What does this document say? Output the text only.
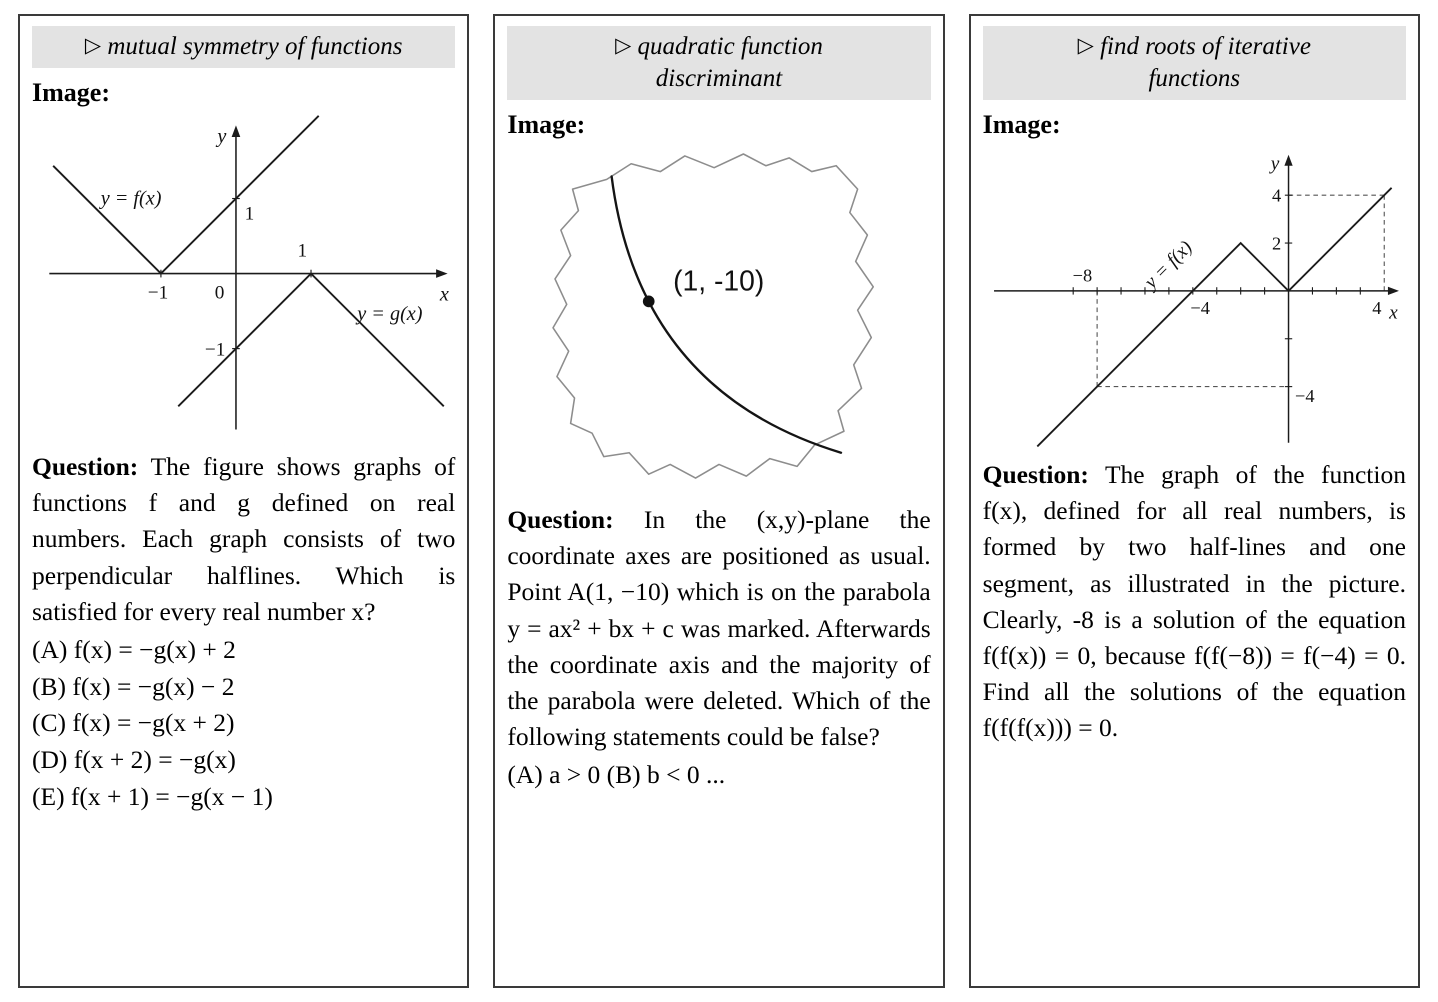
▷ mutual symmetry of functions
Image:
y
x
1
−1 0
1
−1
y = f(x)
y = g(x)

Question: The figure shows graphs of functions f and g defined on real numbers. Each graph consists of two perpendicular halflines. Which is satisfied for every real number x?

(A) f(x) = −g(x) + 2
(B) f(x) = −g(x) − 2
(C) f(x) = −g(x + 2)
(D) f(x + 2) = −g(x)
(E) f(x + 1) = −g(x − 1)
▷ quadratic function discriminant
Image:
(1, -10)

Question: In the (x,y)-plane the coordinate axes are positioned as usual. Point A(1, −10) which is on the parabola y = ax² + bx + c was marked. Afterwards the coordinate axis and the majority of the parabola were deleted. Which of the following statements could be false?

(A) a > 0 (B) b < 0 ...
▷ find roots of iterative functions
Image:
y
x
4
2
−4
−8
−4	4
y = f(x)

Question: The graph of the function f(x), defined for all real numbers, is formed by two half-lines and one segment, as illustrated in the picture. Clearly, -8 is a solution of the equation f(f(x)) = 0, because f(f(−8)) = f(−4) = 0. Find all the solutions of the equation f(f(f(x))) = 0.
